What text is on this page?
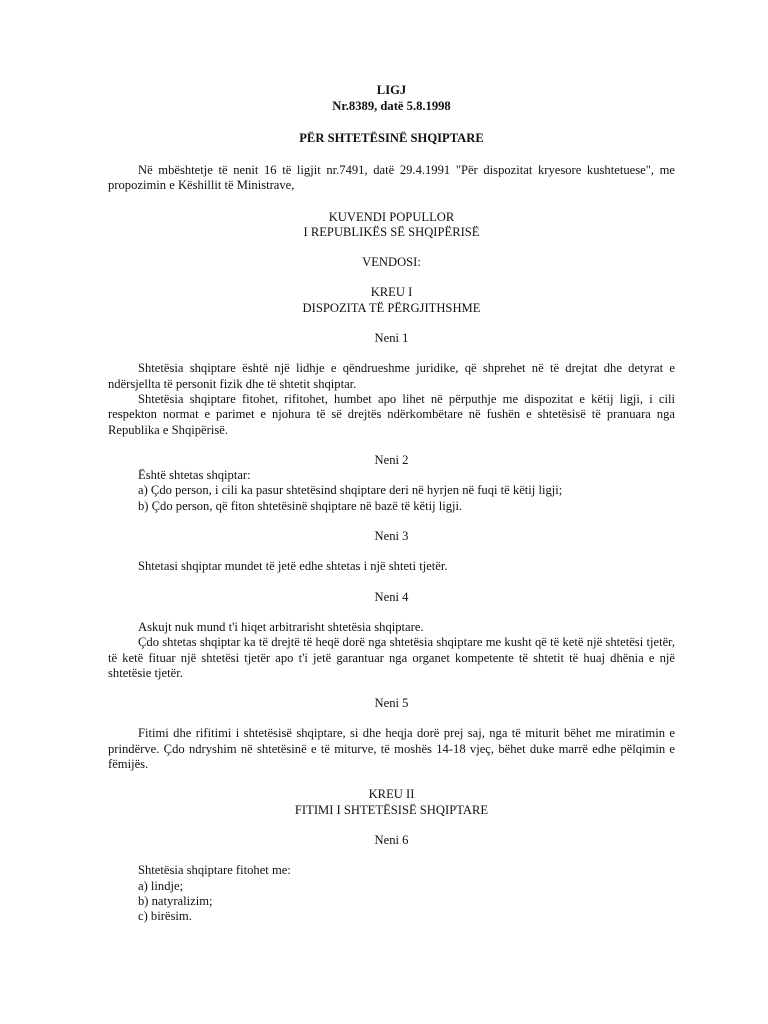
LIGJ

Nr.8389, datë 5.8.1998

PËR SHTETËSINË SHQIPTARE

Në mbështetje të nenit 16 të ligjit nr.7491, datë 29.4.1991 "Për dispozitat kryesore kushtetuese", me propozimin e Këshillit të Ministrave,

KUVENDI POPULLOR

I REPUBLIKËS SË SHQIPËRISË

VENDOSI:

KREU I

DISPOZITA TË PËRGJITHSHME

Neni 1

Shtetësia shqiptare është një lidhje e qëndrueshme juridike, që shprehet në të drejtat dhe detyrat e ndërsjellta të personit fizik dhe të shtetit shqiptar.

Shtetësia shqiptare fitohet, rifitohet, humbet apo lihet në përputhje me dispozitat e këtij ligji, i cili respekton normat e parimet e njohura të së drejtës ndërkombëtare në fushën e shtetësisë të pranuara nga Republika e Shqipërisë.

Neni 2

Është shtetas shqiptar:

a) Çdo person, i cili ka pasur shtetësind shqiptare deri në hyrjen në fuqi të këtij ligji;

b) Çdo person, që fiton shtetësinë shqiptare në bazë të këtij ligji.

Neni 3

Shtetasi shqiptar mundet të jetë edhe shtetas i një shteti tjetër.

Neni 4

Askujt nuk mund t'i hiqet arbitrarisht shtetësia shqiptare.

Çdo shtetas shqiptar ka të drejtë të heqë dorë nga shtetësia shqiptare me kusht që të ketë një shtetësi tjetër, të ketë fituar një shtetësi tjetër apo t'i jetë garantuar nga organet kompetente të shtetit të huaj dhënia e një shtetësie tjetër.

Neni 5

Fitimi dhe rifitimi i shtetësisë shqiptare, si dhe heqja dorë prej saj, nga të miturit bëhet me miratimin e prindërve. Çdo ndryshim në shtetësinë e të miturve, të moshës 14-18 vjeç, bëhet duke marrë edhe pëlqimin e fëmijës.

KREU II

FITIMI I SHTETËSISË SHQIPTARE

Neni 6

Shtetësia shqiptare fitohet me:

a) lindje;

b) natyralizim;

c) birësim.
